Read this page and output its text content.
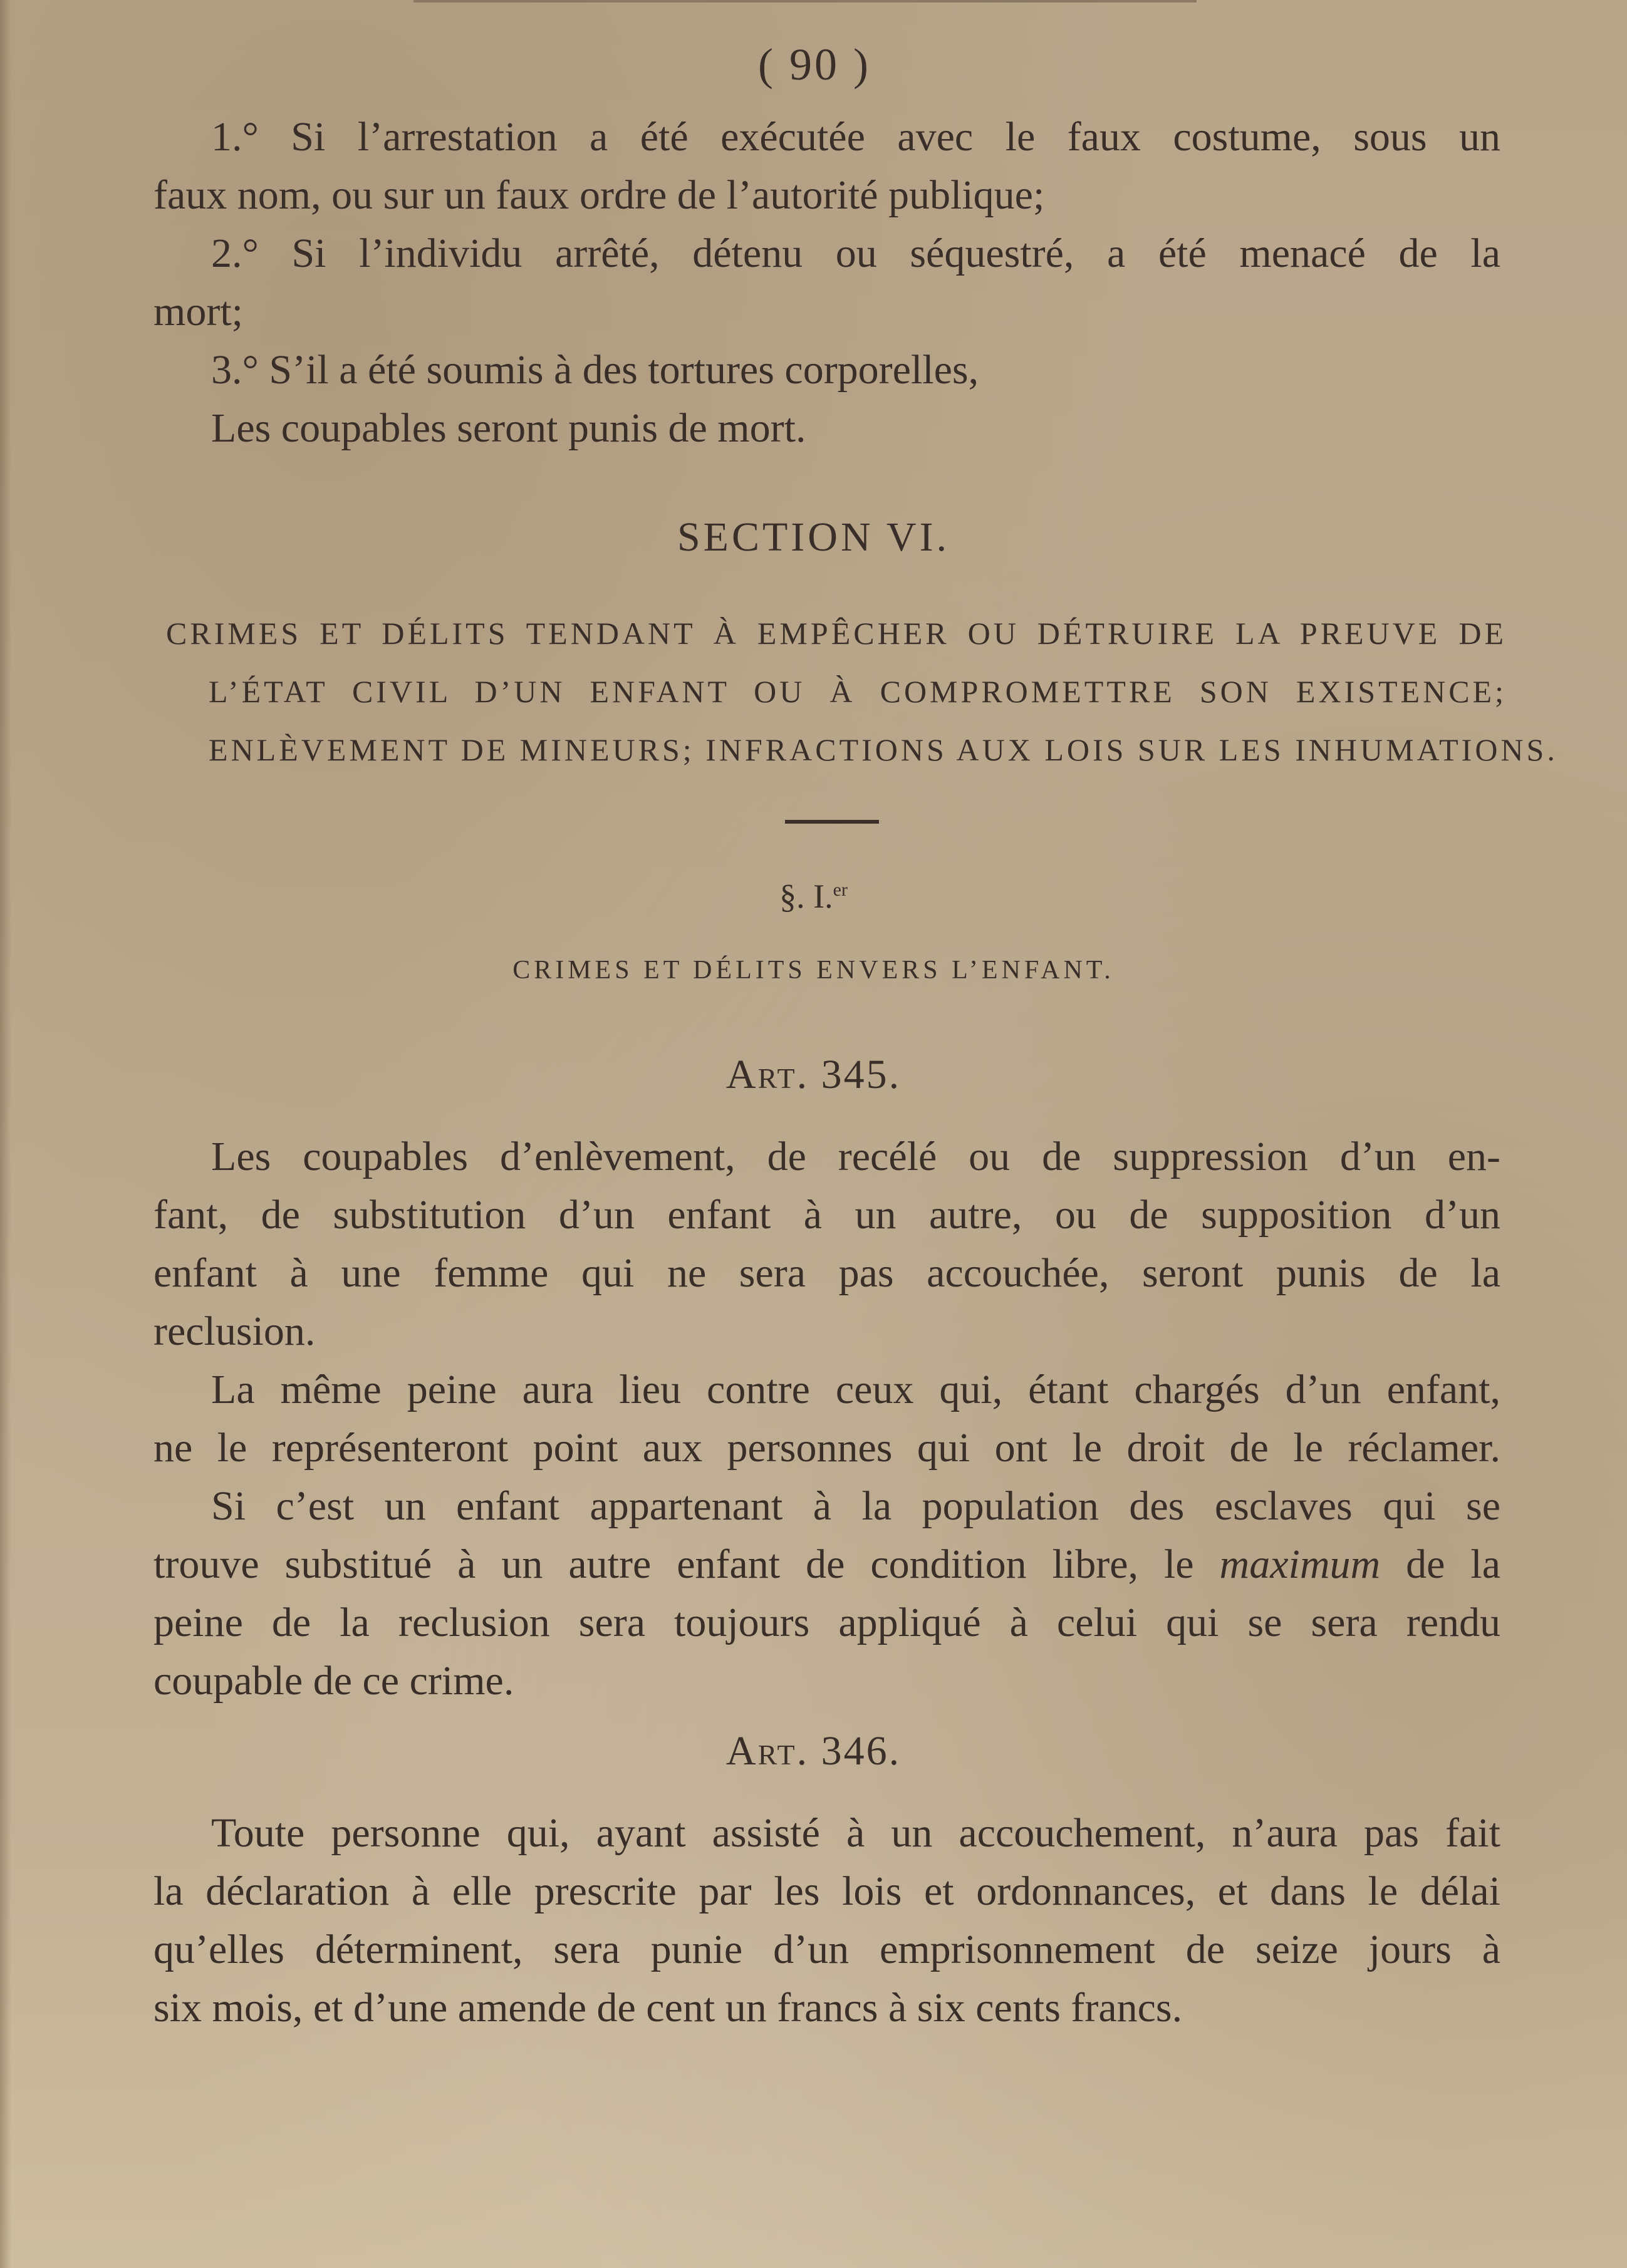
( 90 )
1.° Si l’arrestation a été exécutée avec le faux costume, sous un
faux nom, ou sur un faux ordre de l’autorité publique;
2.° Si l’individu arrêté, détenu ou séquestré, a été menacé de la
mort;
3.° S’il a été soumis à des tortures corporelles,
Les coupables seront punis de mort.
SECTION VI.
CRIMES ET DÉLITS TENDANT À EMPÊCHER OU DÉTRUIRE LA PREUVE DE
L’ÉTAT CIVIL D’UN ENFANT OU À COMPROMETTRE SON EXISTENCE;
ENLÈVEMENT DE MINEURS; INFRACTIONS AUX LOIS SUR LES INHUMATIONS.
§. I.$^{er}$
CRIMES ET DÉLITS ENVERS L’ENFANT.
Art. 345.
Les coupables d’enlèvement, de recélé ou de suppression d’un en-
fant, de substitution d’un enfant à un autre, ou de supposition d’un
enfant à une femme qui ne sera pas accouchée, seront punis de la
reclusion.
La même peine aura lieu contre ceux qui, étant chargés d’un enfant,
ne le représenteront point aux personnes qui ont le droit de le réclamer.
Si c’est un enfant appartenant à la population des esclaves qui se
trouve substitué à un autre enfant de condition libre, le maximum de la
peine de la reclusion sera toujours appliqué à celui qui se sera rendu
coupable de ce crime.
Art. 346.
Toute personne qui, ayant assisté à un accouchement, n’aura pas fait
la déclaration à elle prescrite par les lois et ordonnances, et dans le délai
qu’elles déterminent, sera punie d’un emprisonnement de seize jours à
six mois, et d’une amende de cent un francs à six cents francs.
